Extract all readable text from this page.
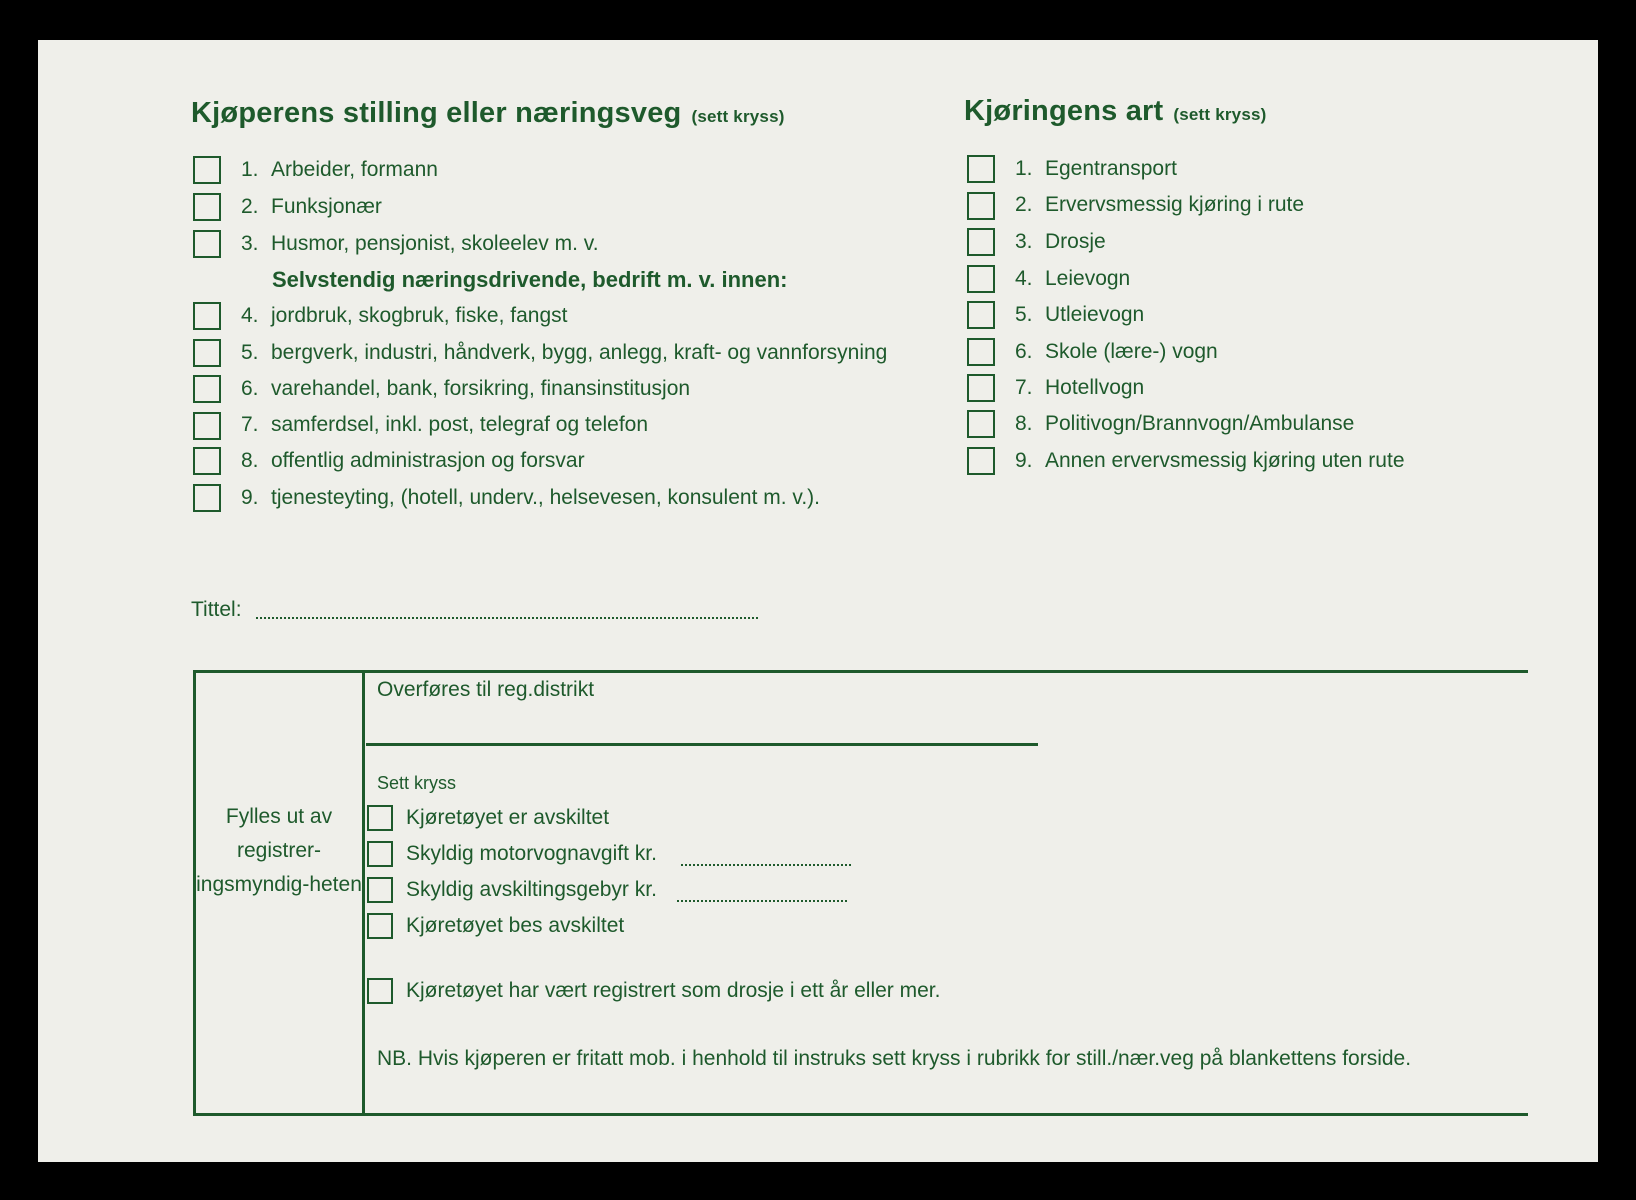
Kjøperens stilling eller næringsveg (sett kryss)
1. Arbeider, formann
2. Funksjonær
3. Husmor, pensjonist, skoleelev m. v.
Selvstendig næringsdrivende, bedrift m. v. innen:
4. jordbruk, skogbruk, fiske, fangst
5. bergverk, industri, håndverk, bygg, anlegg, kraft- og vannforsyning
6. varehandel, bank, forsikring, finansinstitusjon
7. samferdsel, inkl. post, telegraf og telefon
8. offentlig administrasjon og forsvar
9. tjenesteyting, (hotell, underv., helsevesen, konsulent m. v.).
Tittel:
Kjøringens art (sett kryss)
1. Egentransport
2. Ervervsmessig kjøring i rute
3. Drosje
4. Leievogn
5. Utleievogn
6. Skole (lære-) vogn
7. Hotellvogn
8. Politivogn/Brannvogn/Ambulanse
9. Annen ervervsmessig kjøring uten rute
Fylles ut av registrer-ingsmyndig-heten
Overføres til reg.distrikt
Sett kryss
Kjøretøyet er avskiltet
Skyldig motorvognavgift kr.
Skyldig avskiltingsgebyr kr.
Kjøretøyet bes avskiltet
Kjøretøyet har vært registrert som drosje i ett år eller mer.
NB. Hvis kjøperen er fritatt mob. i henhold til instruks sett kryss i rubrikk for still./nær.veg på blankettens forside.
